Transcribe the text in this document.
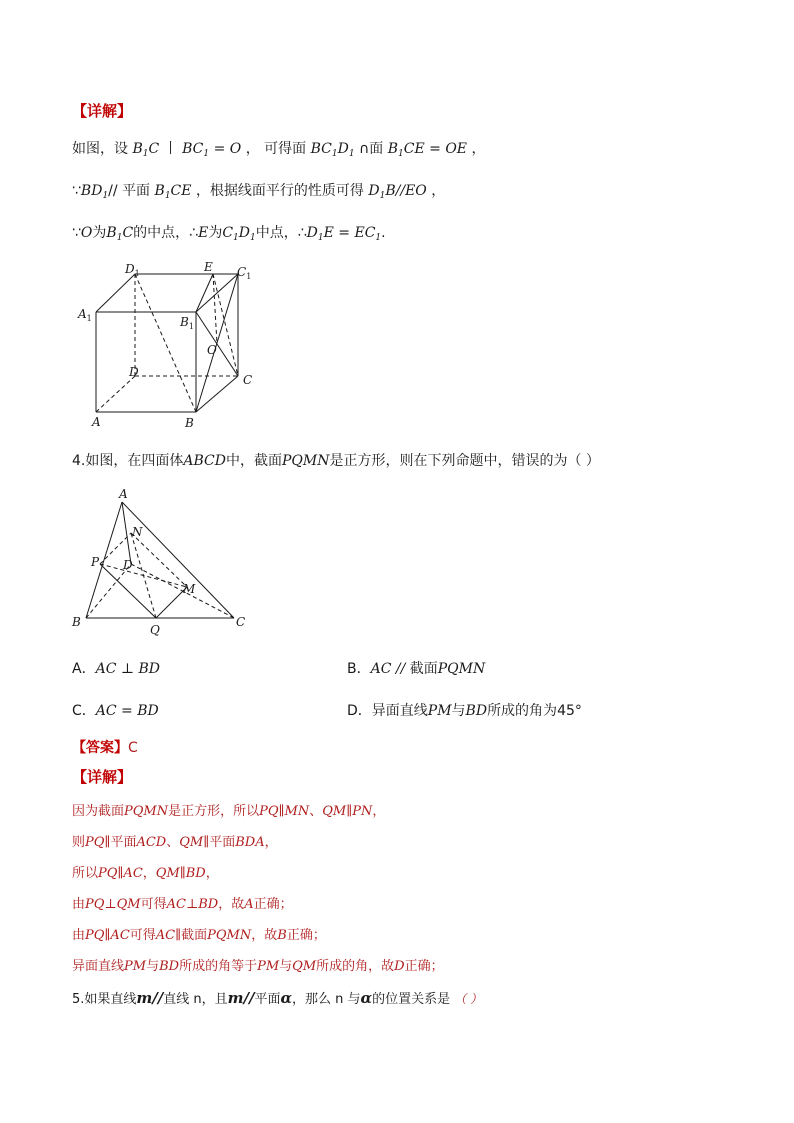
【详解】
如图，设 $B_1C$ 丨 $BC_1 = O$ ， 可得面 $BC_1D_1$ ∩面 $B_1CE$ = OE ，
$\because BD_1//$ 平面 $B_1CE$ ，根据线面平行的性质可得 $D_1B//EO$ ，
∵O为$B_1C$的中点，∴E为$C_1D_1$中点，$\therefore D_1E = EC_1$.
$D_1$	E $C_1$
$A_1$	$B_1$
O
C
D
A	B
4.如图，在四面体ABCD中，截面PQMN是正方形，则在下列命题中，错误的为（ ）
A
N
P D
M
B
Q
C
A．AC ⊥ BD	B．AC // 截面PQMN
C．AC = BD	D．异面直线PM与BD所成的角为45°
【答案】C
【详解】
因为截面PQMN是正方形，所以PQ∥MN、QM∥PN，
则PQ∥平面ACD、QM∥平面BDA，
所以PQ∥AC，QM∥BD，
由PQ⊥QM可得AC⊥BD，故A正确；
由PQ∥AC可得AC∥截面PQMN，故B正确；
异面直线PM与BD所成的角等于PM与QM所成的角，故D正确；
5.如果直线m//直线 n，且m//平面α，那么 n 与α的位置关系是 （ ）
